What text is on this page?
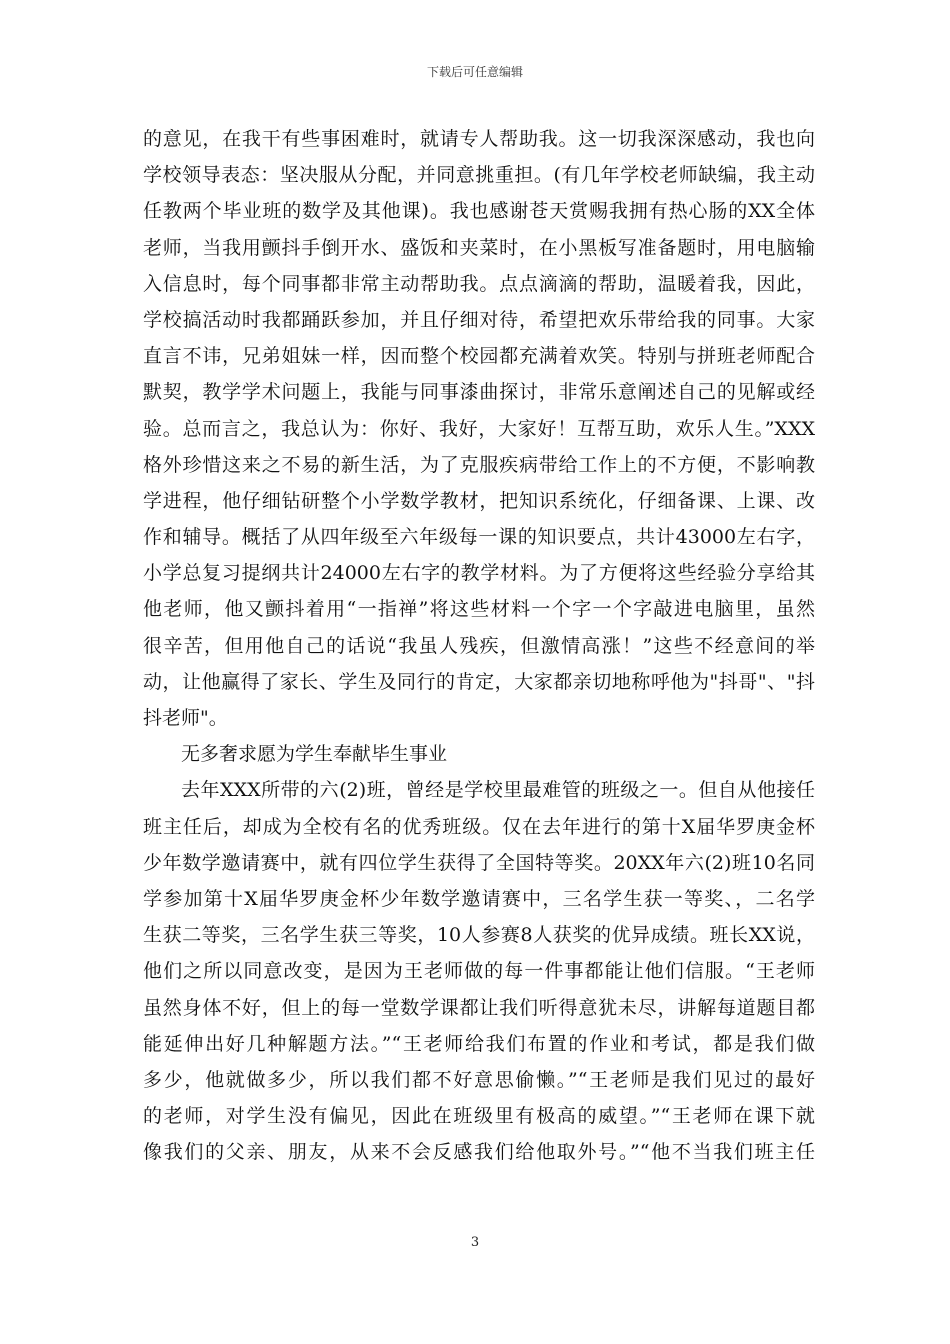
下载后可任意编辑
的意见，在我干有些事困难时，就请专人帮助我。这一切我深深感动，我也向
学校领导表态：坚决服从分配，并同意挑重担。(有几年学校老师缺编，我主动
任教两个毕业班的数学及其他课)。我也感谢苍天赏赐我拥有热心肠的XX全体
老师，当我用颤抖手倒开水、盛饭和夹菜时，在小黑板写准备题时，用电脑输
入信息时，每个同事都非常主动帮助我。点点滴滴的帮助，温暖着我，因此，
学校搞活动时我都踊跃参加，并且仔细对待，希望把欢乐带给我的同事。大家
直言不讳，兄弟姐妹一样，因而整个校园都充满着欢笑。特别与拼班老师配合
默契，教学学术问题上，我能与同事漆曲探讨，非常乐意阐述自己的见解或经
验。总而言之，我总认为：你好、我好，大家好！互帮互助，欢乐人生。”XXX
格外珍惜这来之不易的新生活，为了克服疾病带给工作上的不方便，不影响教
学进程，他仔细钻研整个小学数学教材，把知识系统化，仔细备课、上课、改
作和辅导。概括了从四年级至六年级每一课的知识要点，共计43000左右字，
小学总复习提纲共计24000左右字的教学材料。为了方便将这些经验分享给其
他老师，他又颤抖着用“一指禅”将这些材料一个字一个字敲进电脑里，虽然
很辛苦，但用他自己的话说“我虽人残疾，但激情高涨！”这些不经意间的举
动，让他赢得了家长、学生及同行的肯定，大家都亲切地称呼他为"抖哥"、"抖
抖老师"。
无多奢求愿为学生奉献毕生事业
去年XXX所带的六(2)班，曾经是学校里最难管的班级之一。但自从他接任
班主任后，却成为全校有名的优秀班级。仅在去年进行的第十X届华罗庚金杯
少年数学邀请赛中，就有四位学生获得了全国特等奖。20XX年六(2)班10名同
学参加第十X届华罗庚金杯少年数学邀请赛中，三名学生获一等奖、，二名学
生获二等奖，三名学生获三等奖，10人参赛8人获奖的优异成绩。班长XX说，
他们之所以同意改变，是因为王老师做的每一件事都能让他们信服。“王老师
虽然身体不好，但上的每一堂数学课都让我们听得意犹未尽，讲解每道题目都
能延伸出好几种解题方法。”“王老师给我们布置的作业和考试，都是我们做
多少，他就做多少，所以我们都不好意思偷懒。”“王老师是我们见过的最好
的老师，对学生没有偏见，因此在班级里有极高的威望。”“王老师在课下就
像我们的父亲、朋友，从来不会反感我们给他取外号。”“他不当我们班主任
3
